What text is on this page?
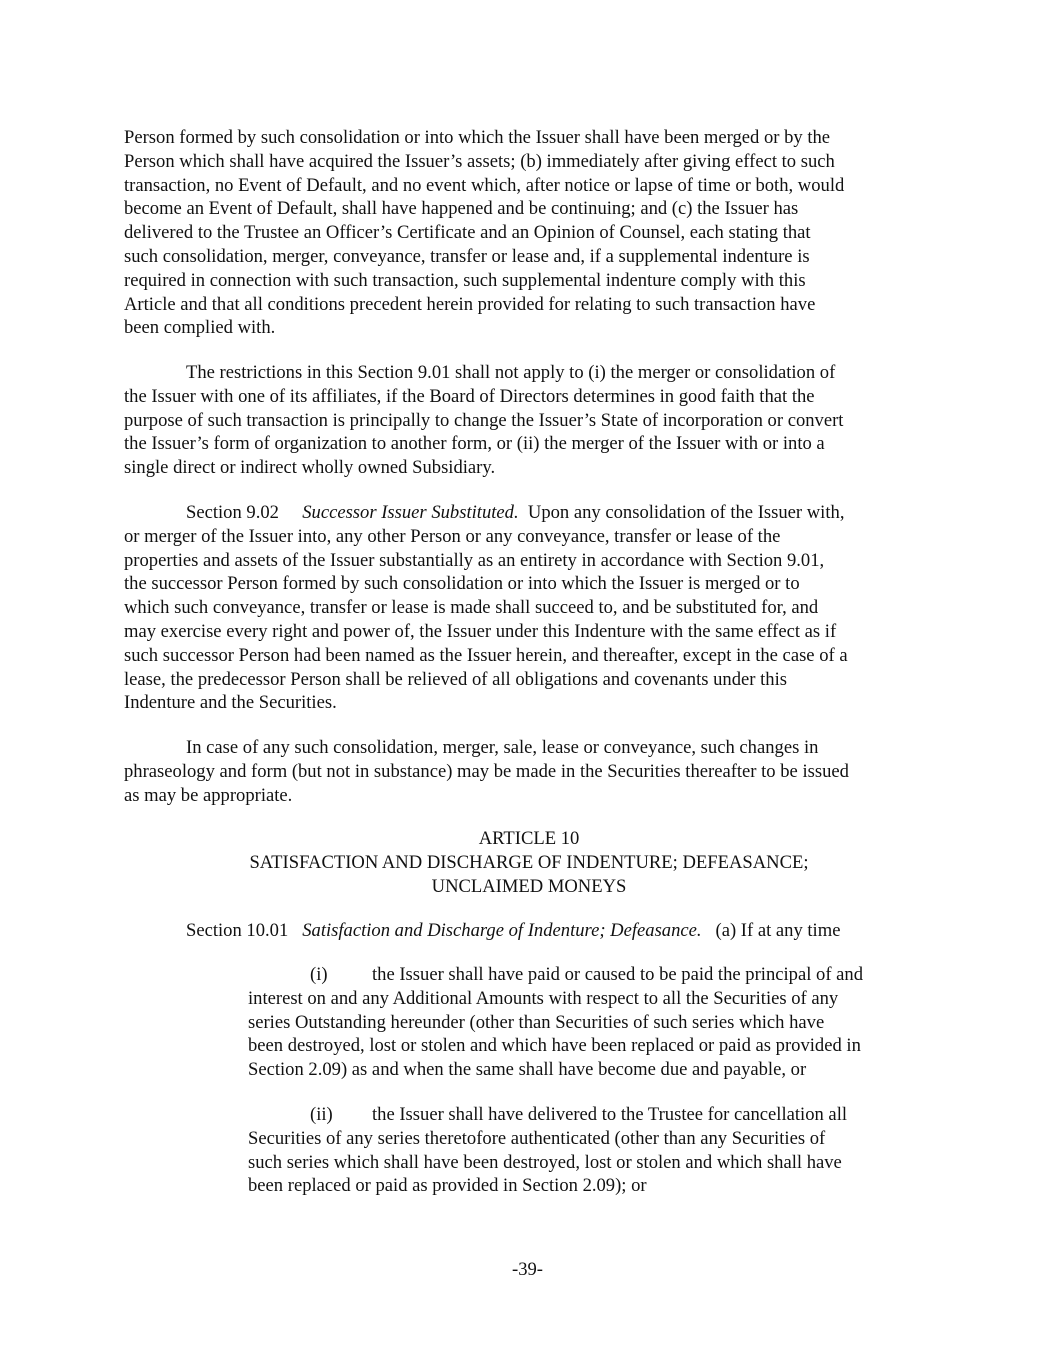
Person formed by such consolidation or into which the Issuer shall have been merged or by the
Person which shall have acquired the Issuer’s assets; (b) immediately after giving effect to such
transaction, no Event of Default, and no event which, after notice or lapse of time or both, would
become an Event of Default, shall have happened and be continuing; and (c) the Issuer has
delivered to the Trustee an Officer’s Certificate and an Opinion of Counsel, each stating that
such consolidation, merger, conveyance, transfer or lease and, if a supplemental indenture is
required in connection with such transaction, such supplemental indenture comply with this
Article and that all conditions precedent herein provided for relating to such transaction have
been complied with.

The restrictions in this Section 9.01 shall not apply to (i) the merger or consolidation of
the Issuer with one of its affiliates, if the Board of Directors determines in good faith that the
purpose of such transaction is principally to change the Issuer’s State of incorporation or convert
the Issuer’s form of organization to another form, or (ii) the merger of the Issuer with or into a
single direct or indirect wholly owned Subsidiary.

Section 9.02 Successor Issuer Substituted. Upon any consolidation of the Issuer with,
or merger of the Issuer into, any other Person or any conveyance, transfer or lease of the
properties and assets of the Issuer substantially as an entirety in accordance with Section 9.01,
the successor Person formed by such consolidation or into which the Issuer is merged or to
which such conveyance, transfer or lease is made shall succeed to, and be substituted for, and
may exercise every right and power of, the Issuer under this Indenture with the same effect as if
such successor Person had been named as the Issuer herein, and thereafter, except in the case of a
lease, the predecessor Person shall be relieved of all obligations and covenants under this
Indenture and the Securities.

In case of any such consolidation, merger, sale, lease or conveyance, such changes in
phraseology and form (but not in substance) may be made in the Securities thereafter to be issued
as may be appropriate.

ARTICLE 10
SATISFACTION AND DISCHARGE OF INDENTURE; DEFEASANCE;
UNCLAIMED MONEYS

Section 10.01 Satisfaction and Discharge of Indenture; Defeasance. (a) If at any time

(i) the Issuer shall have paid or caused to be paid the principal of and
interest on and any Additional Amounts with respect to all the Securities of any
series Outstanding hereunder (other than Securities of such series which have
been destroyed, lost or stolen and which have been replaced or paid as provided in
Section 2.09) as and when the same shall have become due and payable, or

(ii) the Issuer shall have delivered to the Trustee for cancellation all
Securities of any series theretofore authenticated (other than any Securities of
such series which shall have been destroyed, lost or stolen and which shall have
been replaced or paid as provided in Section 2.09); or

-39-
